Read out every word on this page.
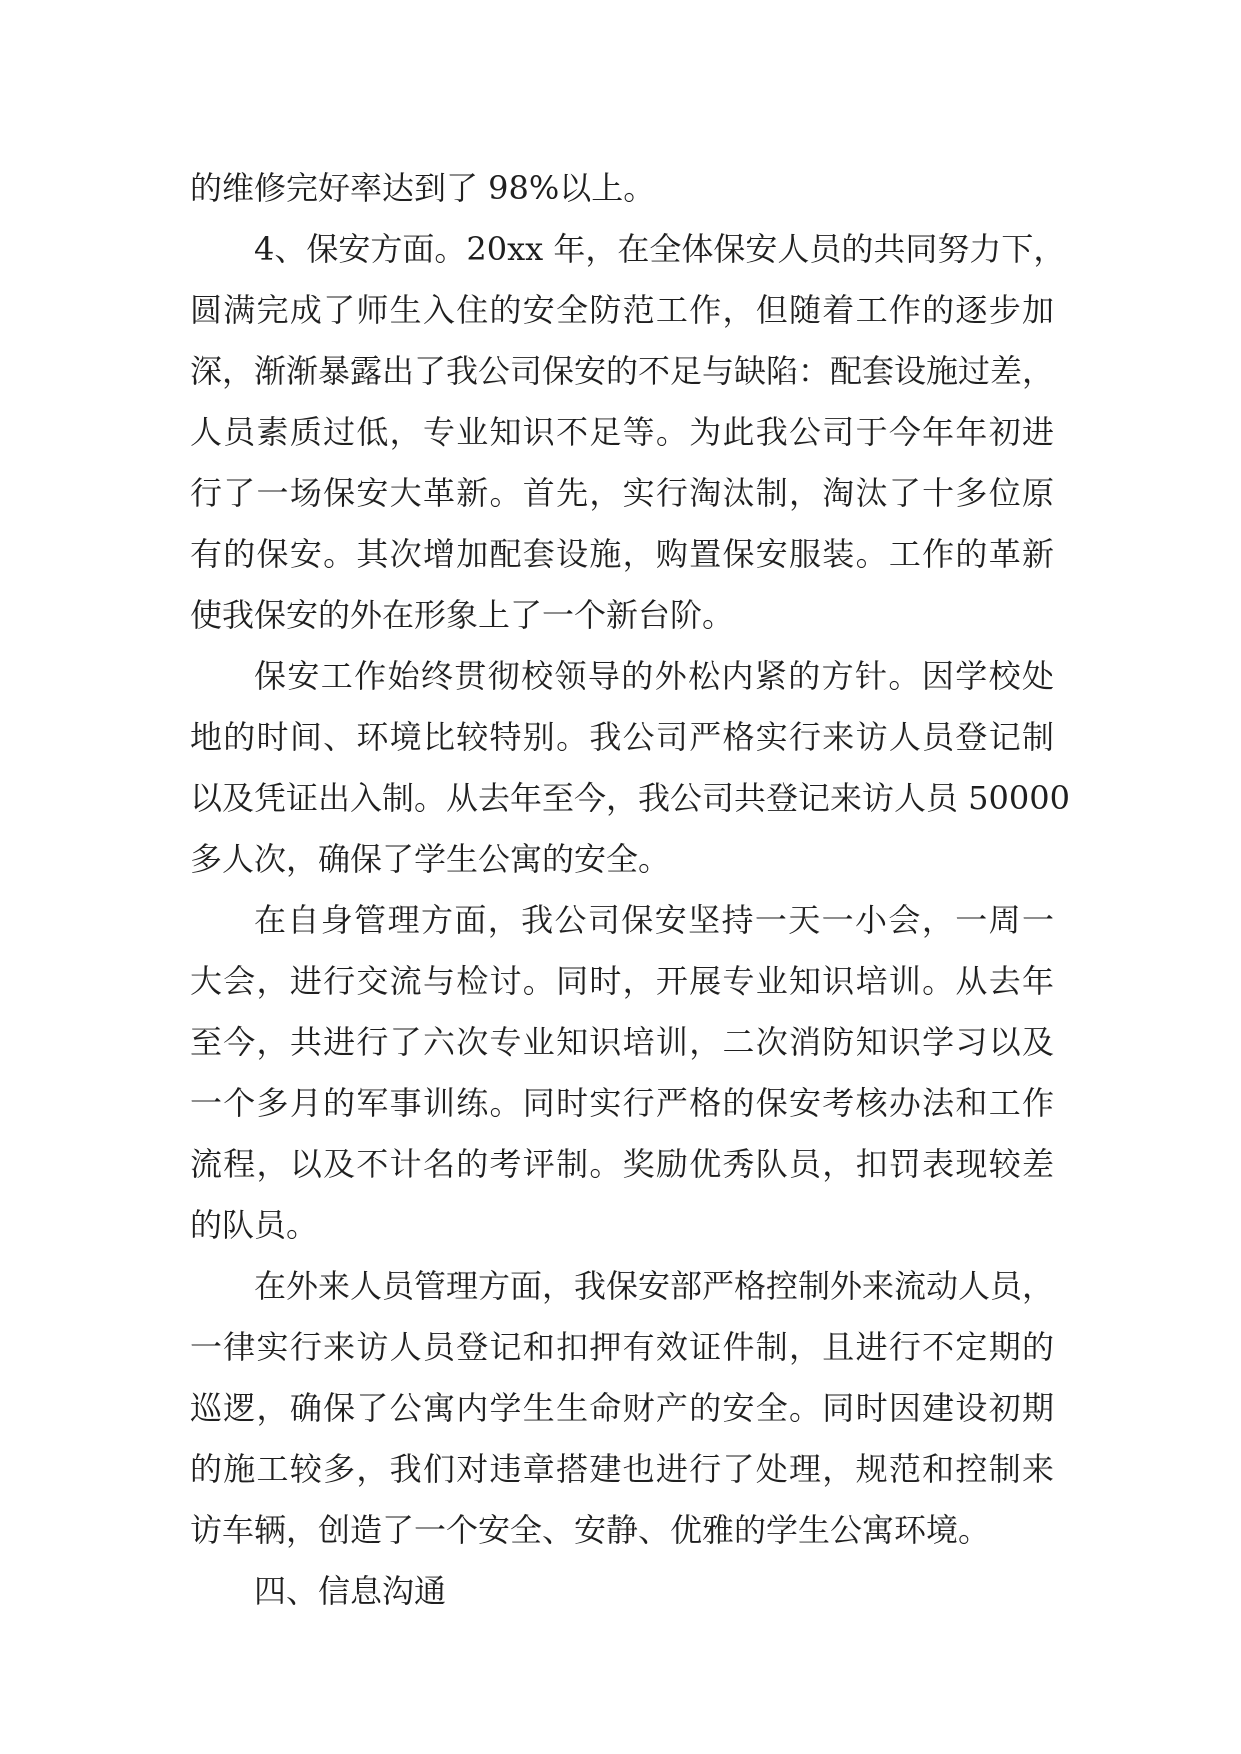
的维修完好率达到了 98%以上。

4、保安方面。20xx 年，在全体保安人员的共同努力下，
圆满完成了师生入住的安全防范工作，但随着工作的逐步加
深，渐渐暴露出了我公司保安的不足与缺陷：配套设施过差，
人员素质过低，专业知识不足等。为此我公司于今年年初进
行了一场保安大革新。首先，实行淘汰制，淘汰了十多位原
有的保安。其次增加配套设施，购置保安服装。工作的革新
使我保安的外在形象上了一个新台阶。

保安工作始终贯彻校领导的外松内紧的方针。因学校处
地的时间、环境比较特别。我公司严格实行来访人员登记制
以及凭证出入制。从去年至今，我公司共登记来访人员 50000
多人次，确保了学生公寓的安全。

在自身管理方面，我公司保安坚持一天一小会，一周一
大会，进行交流与检讨。同时，开展专业知识培训。从去年
至今，共进行了六次专业知识培训，二次消防知识学习以及
一个多月的军事训练。同时实行严格的保安考核办法和工作
流程，以及不计名的考评制。奖励优秀队员，扣罚表现较差
的队员。

在外来人员管理方面，我保安部严格控制外来流动人员，
一律实行来访人员登记和扣押有效证件制，且进行不定期的
巡逻，确保了公寓内学生生命财产的安全。同时因建设初期
的施工较多，我们对违章搭建也进行了处理，规范和控制来
访车辆，创造了一个安全、安静、优雅的学生公寓环境。

四、信息沟通
